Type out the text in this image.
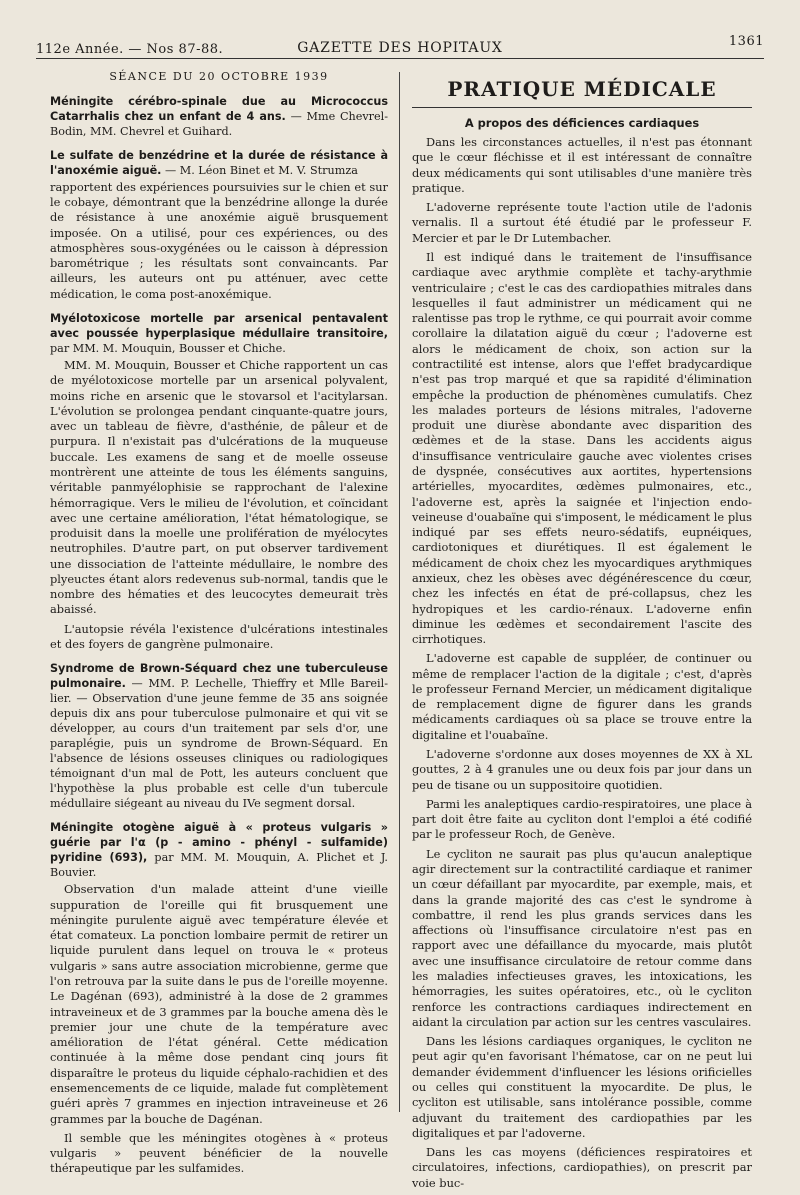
112e Année. — Nos 87-88.	GAZETTE DES HOPITAUX	1361
SÉANCE DU 20 OCTOBRE 1939

Méningite cérébro-spinale due au Micrococcus Catarrhalis chez un enfant de 4 ans. — Mme Chevrel-Bodin, MM. Chevrel et Guihard.

Le sulfate de benzédrine et la durée de résistance à l'anoxémie aiguë. — M. Léon Binet et M. V. Strumza

rapportent des expériences poursuivies sur le chien et sur le cobaye, démontrant que la benzédrine allonge la durée de résistance à une anoxémie aiguë brusquement imposée. On a utilisé, pour ces expériences, ou des atmosphères sous-oxygénées ou le caisson à dépression barométrique ; les résultats sont convaincants. Par ailleurs, les auteurs ont pu atténuer, avec cette médication, le coma post-anoxémique.

Myélotoxicose mortelle par arsenical pentavalent avec poussée hyperplasique médullaire transitoire, par MM. M. Mouquin, Bousser et Chiche.

MM. M. Mouquin, Bousser et Chiche rapportent un cas de myélotoxicose mortelle par un arsenical polyvalent, moins riche en arsenic que le stovarsol et l'acitylarsan. L'évolution se prolongea pendant cinquante-quatre jours, avec un tableau de fièvre, d'asthénie, de pâleur et de purpura. Il n'existait pas d'ulcérations de la muqueuse buccale. Les examens de sang et de moelle osseuse montrèrent une atteinte de tous les éléments sanguins, véritable panmyélophisie se rapprochant de l'alexine hémorragique. Vers le milieu de l'évolution, et coïncidant avec une certaine amélioration, l'état hématologique, se produisit dans la moelle une prolifération de myélocytes neutrophiles. D'autre part, on put observer tardivement une dissociation de l'atteinte médullaire, le nombre des plyeuctes étant alors redevenus sub-normal, tandis que le nombre des hématies et des leucocytes demeurait très abaissé.

L'autopsie révéla l'existence d'ulcérations intestinales et des foyers de gangrène pulmonaire.

Syndrome de Brown-Séquard chez une tuberculeuse pulmonaire. — MM. P. Lechelle, Thieffry et Mlle Bareil-lier. — Observation d'une jeune femme de 35 ans soignée depuis dix ans pour tuberculose pulmonaire et qui vit se développer, au cours d'un traitement par sels d'or, une paraplégie, puis un syndrome de Brown-Séquard. En l'absence de lésions osseuses cliniques ou radiologiques témoignant d'un mal de Pott, les auteurs concluent que l'hypothèse la plus probable est celle d'un tubercule médullaire siégeant au niveau du IVe segment dorsal.

Méningite otogène aiguë à « proteus vulgaris » guérie par l'α (p - amino - phényl - sulfamide) pyridine (693), par MM. M. Mouquin, A. Plichet et J. Bouvier.

Observation d'un malade atteint d'une vieille suppuration de l'oreille qui fit brusquement une méningite purulente aiguë avec température élevée et état comateux. La ponction lombaire permit de retirer un liquide purulent dans lequel on trouva le « proteus vulgaris » sans autre association microbienne, germe que l'on retrouva par la suite dans le pus de l'oreille moyenne. Le Dagénan (693), administré à la dose de 2 grammes intraveineux et de 3 grammes par la bouche amena dès le premier jour une chute de la température avec amélioration de l'état général. Cette médication continuée à la même dose pendant cinq jours fit disparaître le proteus du liquide céphalo-rachidien et des ensemencements de ce liquide, malade fut complètement guéri après 7 grammes en injection intraveineuse et 26 grammes par la bouche de Dagénan.

Il semble que les méningites otogènes à « proteus vulgaris » peuvent bénéficier de la nouvelle thérapeutique par les sulfamides.

PRATIQUE MÉDICALE
A propos des déficiences cardiaques

Dans les circonstances actuelles, il n'est pas étonnant que le cœur fléchisse et il est intéressant de connaître deux médicaments qui sont utilisables d'une manière très pratique.

L'adoverne représente toute l'action utile de l'adonis vernalis. Il a surtout été étudié par le professeur F. Mercier et par le Dr Lutembacher.

Il est indiqué dans le traitement de l'insuffisance cardiaque avec arythmie complète et tachy-arythmie ventriculaire ; c'est le cas des cardiopathies mitrales dans lesquelles il faut administrer un médicament qui ne ralentisse pas trop le rythme, ce qui pourrait avoir comme corollaire la dilatation aiguë du cœur ; l'adoverne est alors le médicament de choix, son action sur la contractilité est intense, alors que l'effet bradycardique n'est pas trop marqué et que sa rapidité d'élimination empêche la production de phénomènes cumulatifs. Chez les malades porteurs de lésions mitrales, l'adoverne produit une diurèse abondante avec disparition des œdèmes et de la stase. Dans les accidents aigus d'insuffisance ventriculaire gauche avec violentes crises de dyspnée, consécutives aux aortites, hypertensions artérielles, myocardites, œdèmes pulmonaires, etc., l'adoverne est, après la saignée et l'injection endo-veineuse d'ouabaïne qui s'imposent, le médicament le plus indiqué par ses effets neuro-sédatifs, eupnéiques, cardiotoniques et diurétiques. Il est également le médicament de choix chez les myocardiques arythmiques anxieux, chez les obèses avec dégénérescence du cœur, chez les infectés en état de pré-collapsus, chez les hydropiques et les cardio-rénaux. L'adoverne enfin diminue les œdèmes et secondairement l'ascite des cirrhotiques.

L'adoverne est capable de suppléer, de continuer ou même de remplacer l'action de la digitale ; c'est, d'après le professeur Fernand Mercier, un médicament digitalique de remplacement digne de figurer dans les grands médicaments cardiaques où sa place se trouve entre la digitaline et l'ouabaïne.

L'adoverne s'ordonne aux doses moyennes de XX à XL gouttes, 2 à 4 granules une ou deux fois par jour dans un peu de tisane ou un suppositoire quotidien.

Parmi les analeptiques cardio-respiratoires, une place à part doit être faite au cycliton dont l'emploi a été codifié par le professeur Roch, de Genève.

Le cycliton ne saurait pas plus qu'aucun analeptique agir directement sur la contractilité cardiaque et ranimer un cœur défaillant par myocardite, par exemple, mais, et dans la grande majorité des cas c'est le syndrome à combattre, il rend les plus grands services dans les affections où l'insuffisance circulatoire n'est pas en rapport avec une défaillance du myocarde, mais plutôt avec une insuffisance circulatoire de retour comme dans les maladies infectieuses graves, les intoxications, les hémorragies, les suites opératoires, etc., où le cycliton renforce les contractions cardiaques indirectement en aidant la circulation par action sur les centres vasculaires.

Dans les lésions cardiaques organiques, le cycliton ne peut agir qu'en favorisant l'hématose, car on ne peut lui demander évidemment d'influencer les lésions orificielles ou celles qui constituent la myocardite. De plus, le cycliton est utilisable, sans intolérance possible, comme adjuvant du traitement des cardiopathies par les digitaliques et par l'adoverne.

Dans les cas moyens (déficiences respiratoires et circulatoires, infections, cardiopathies), on prescrit par voie buc-
